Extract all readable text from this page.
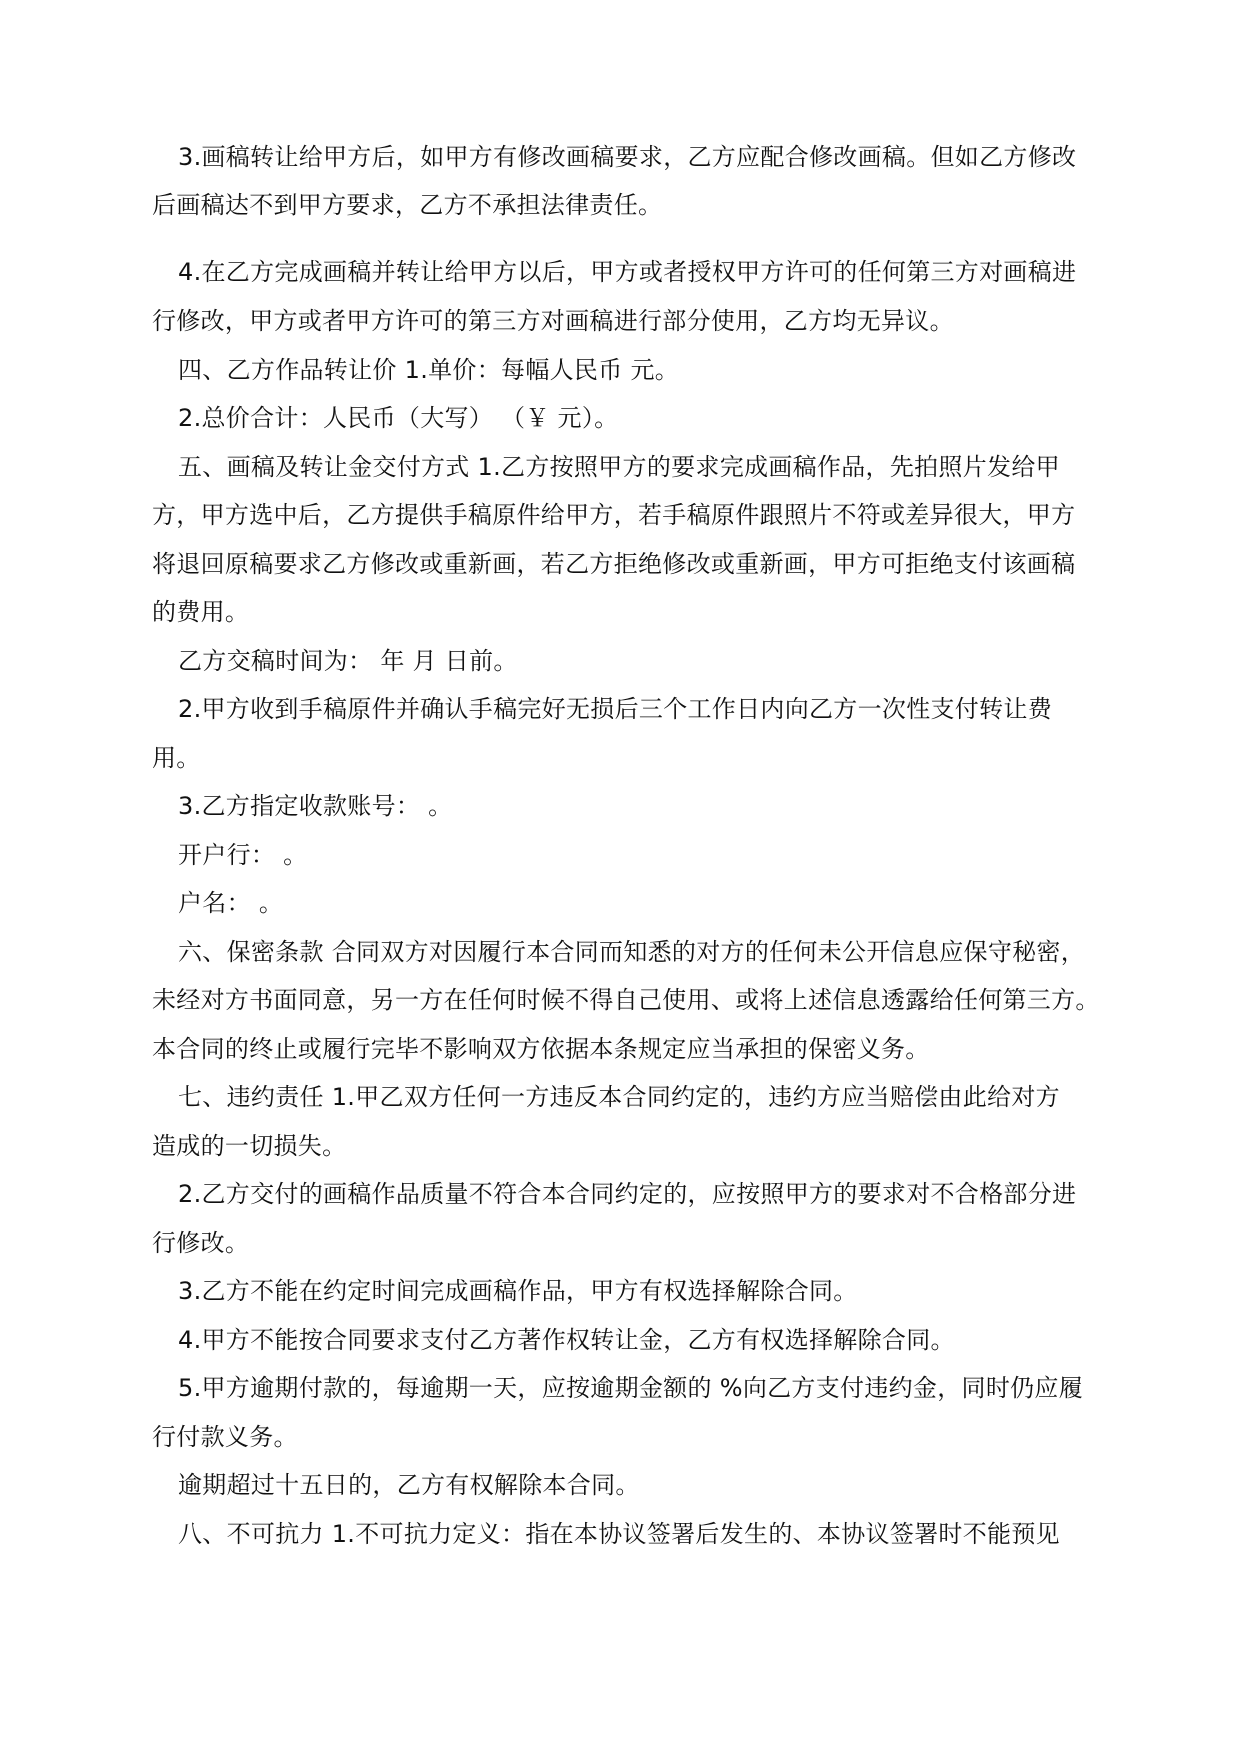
3.画稿转让给甲方后，如甲方有修改画稿要求，乙方应配合修改画稿。但如乙方修改
后画稿达不到甲方要求，乙方不承担法律责任。
4.在乙方完成画稿并转让给甲方以后，甲方或者授权甲方许可的任何第三方对画稿进
行修改，甲方或者甲方许可的第三方对画稿进行部分使用，乙方均无异议。
四、乙方作品转让价 1.单价：每幅人民币 元。
2.总价合计：人民币（大写） （￥ 元）。
五、画稿及转让金交付方式 1.乙方按照甲方的要求完成画稿作品，先拍照片发给甲
方，甲方选中后，乙方提供手稿原件给甲方，若手稿原件跟照片不符或差异很大，甲方
将退回原稿要求乙方修改或重新画，若乙方拒绝修改或重新画，甲方可拒绝支付该画稿
的费用。
乙方交稿时间为： 年 月 日前。
2.甲方收到手稿原件并确认手稿完好无损后三个工作日内向乙方一次性支付转让费
用。
3.乙方指定收款账号： 。
开户行： 。
户名： 。
六、保密条款 合同双方对因履行本合同而知悉的对方的任何未公开信息应保守秘密，
未经对方书面同意，另一方在任何时候不得自己使用、或将上述信息透露给任何第三方。
本合同的终止或履行完毕不影响双方依据本条规定应当承担的保密义务。
七、违约责任 1.甲乙双方任何一方违反本合同约定的，违约方应当赔偿由此给对方
造成的一切损失。
2.乙方交付的画稿作品质量不符合本合同约定的，应按照甲方的要求对不合格部分进
行修改。
3.乙方不能在约定时间完成画稿作品，甲方有权选择解除合同。
4.甲方不能按合同要求支付乙方著作权转让金，乙方有权选择解除合同。
5.甲方逾期付款的，每逾期一天，应按逾期金额的 %向乙方支付违约金，同时仍应履
行付款义务。
逾期超过十五日的，乙方有权解除本合同。
八、不可抗力 1.不可抗力定义：指在本协议签署后发生的、本协议签署时不能预见
